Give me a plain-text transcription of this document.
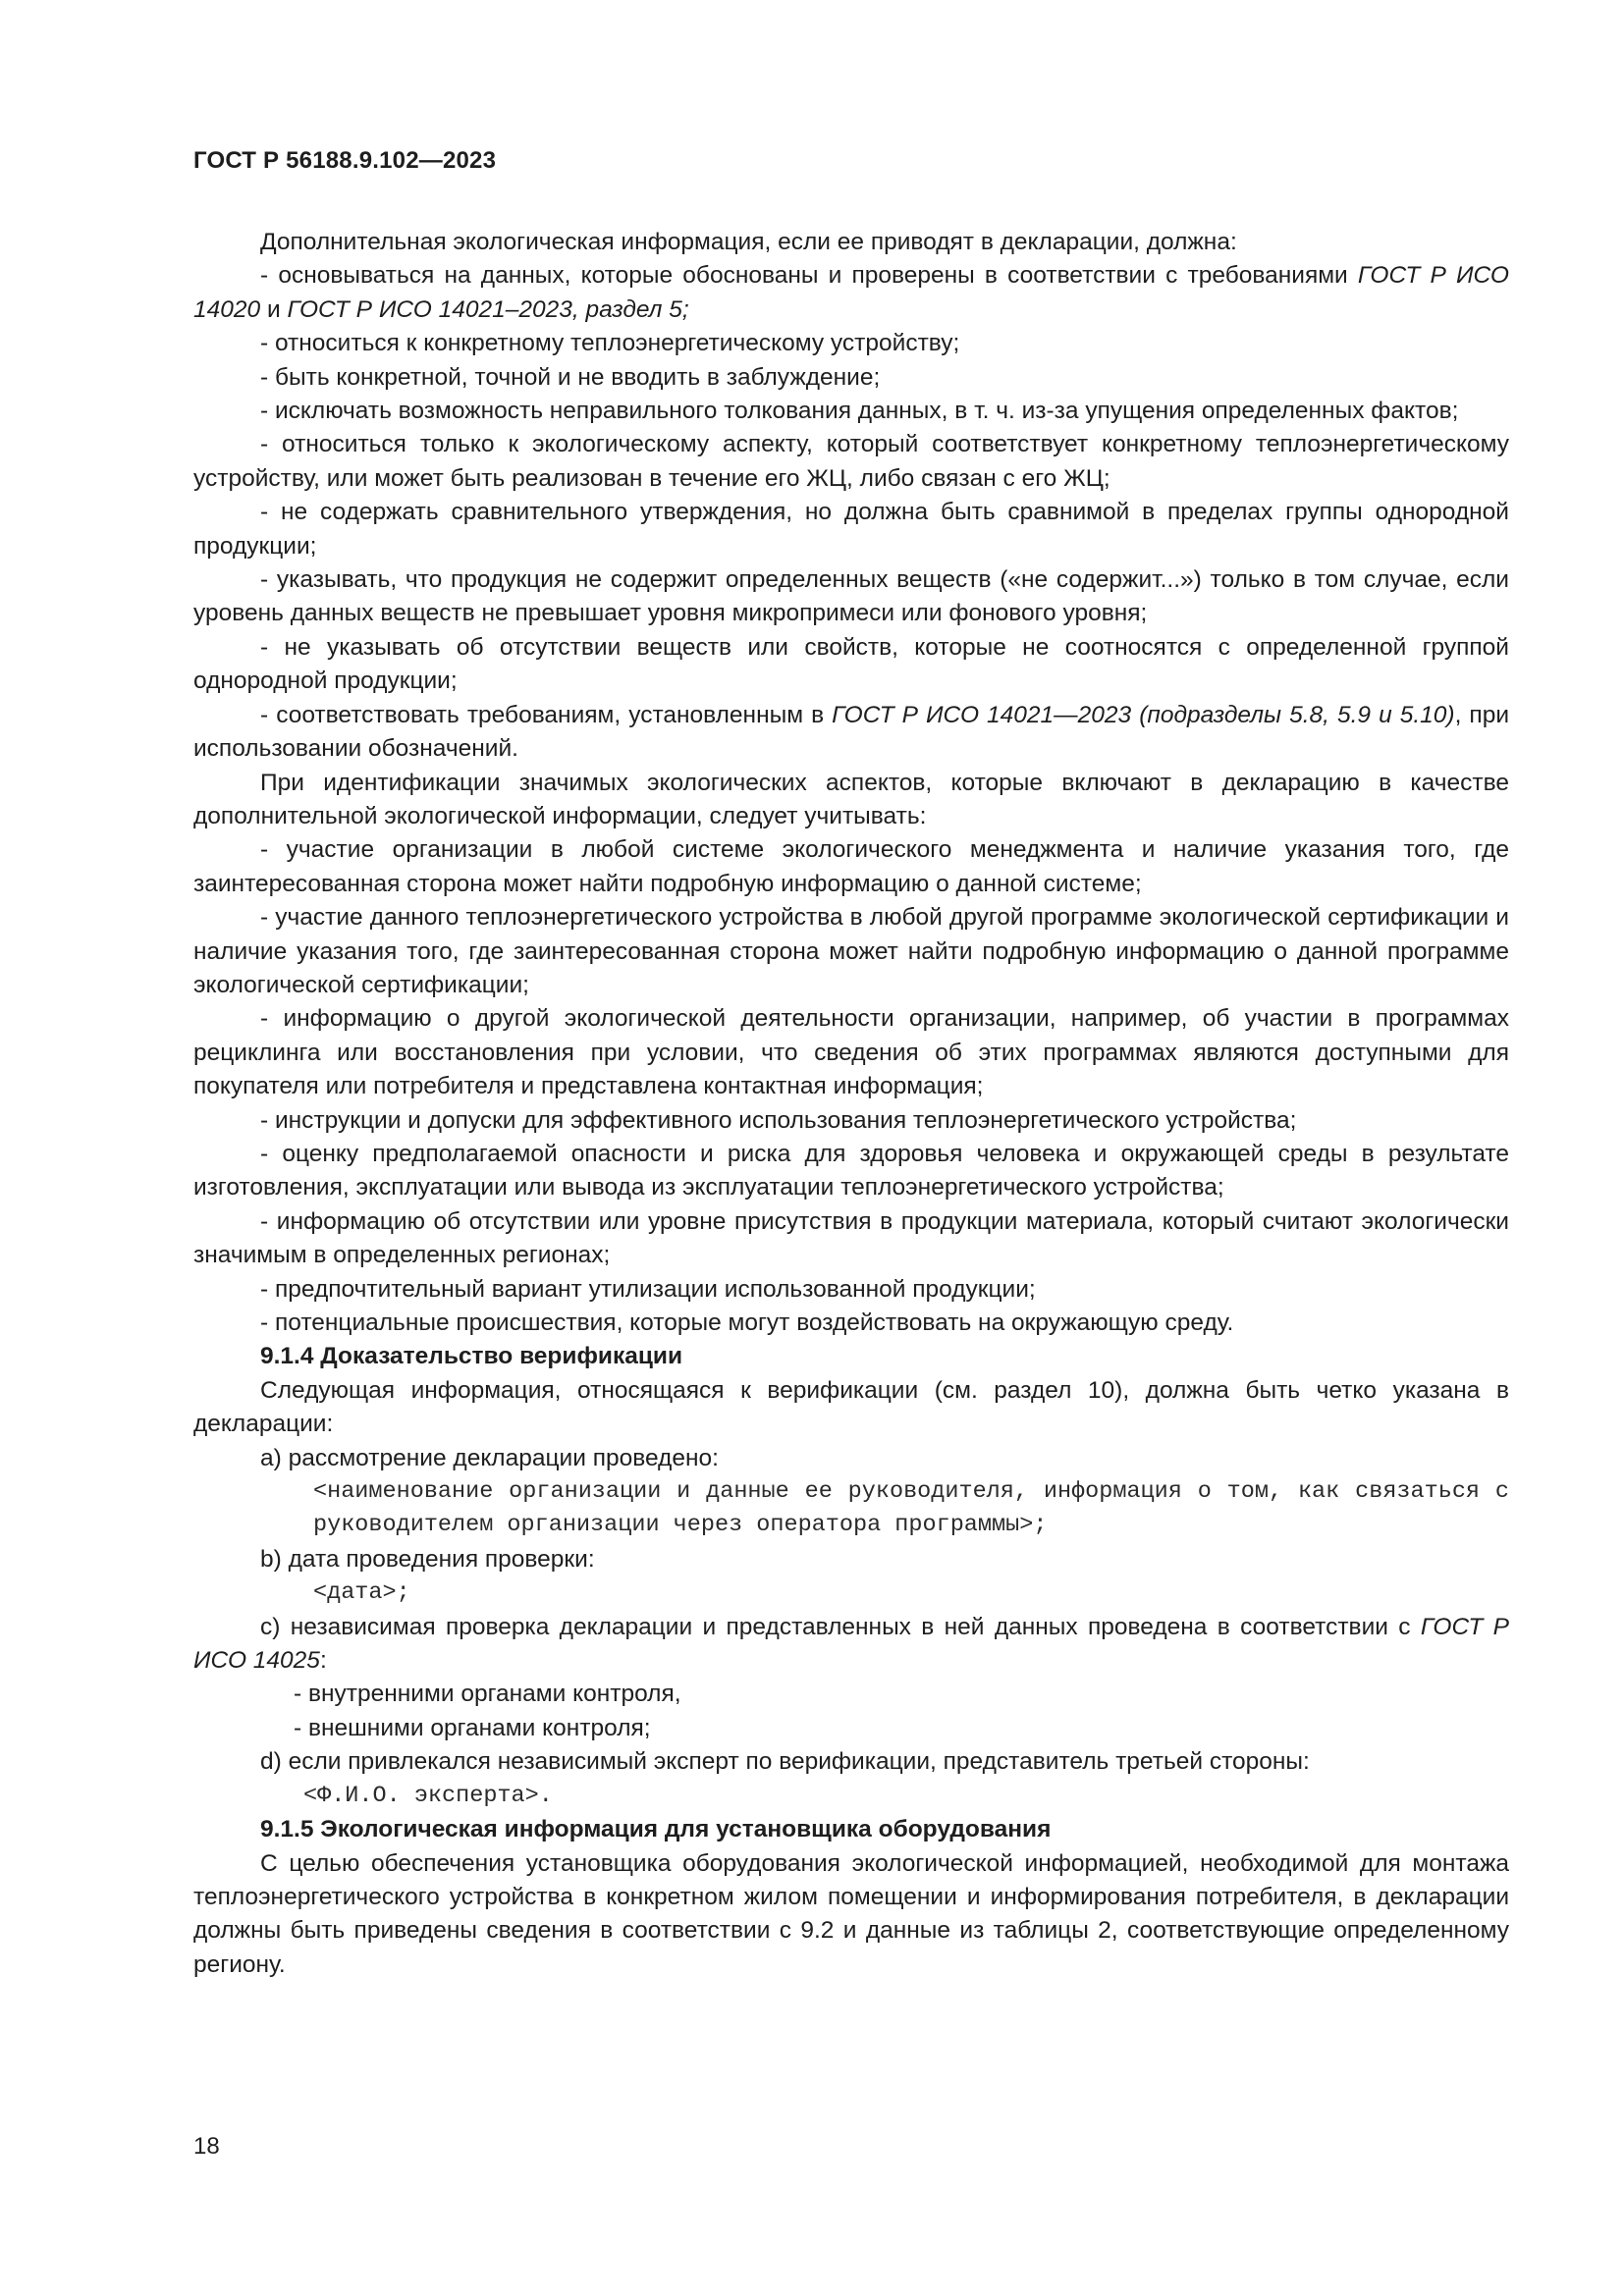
ГОСТ Р 56188.9.102—2023

Дополнительная экологическая информация, если ее приводят в декларации, должна:

- основываться на данных, которые обоснованы и проверены в соответствии с требованиями ГОСТ Р ИСО 14020 и ГОСТ Р ИСО 14021–2023, раздел 5;

- относиться к конкретному теплоэнергетическому устройству;

- быть конкретной, точной и не вводить в заблуждение;

- исключать возможность неправильного толкования данных, в т. ч. из-за упущения определенных фактов;

- относиться только к экологическому аспекту, который соответствует конкретному теплоэнергетическому устройству, или может быть реализован в течение его ЖЦ, либо связан с его ЖЦ;

- не содержать сравнительного утверждения, но должна быть сравнимой в пределах группы однородной продукции;

- указывать, что продукция не содержит определенных веществ («не содержит...») только в том случае, если уровень данных веществ не превышает уровня микропримеси или фонового уровня;

- не указывать об отсутствии веществ или свойств, которые не соотносятся с определенной группой однородной продукции;

- соответствовать требованиям, установленным в ГОСТ Р ИСО 14021—2023 (подразделы 5.8, 5.9 и 5.10), при использовании обозначений.

При идентификации значимых экологических аспектов, которые включают в декларацию в качестве дополнительной экологической информации, следует учитывать:

- участие организации в любой системе экологического менеджмента и наличие указания того, где заинтересованная сторона может найти подробную информацию о данной системе;

- участие данного теплоэнергетического устройства в любой другой программе экологической сертификации и наличие указания того, где заинтересованная сторона может найти подробную информацию о данной программе экологической сертификации;

- информацию о другой экологической деятельности организации, например, об участии в программах рециклинга или восстановления при условии, что сведения об этих программах являются доступными для покупателя или потребителя и представлена контактная информация;

- инструкции и допуски для эффективного использования теплоэнергетического устройства;

- оценку предполагаемой опасности и риска для здоровья человека и окружающей среды в результате изготовления, эксплуатации или вывода из эксплуатации теплоэнергетического устройства;

- информацию об отсутствии или уровне присутствия в продукции материала, который считают экологически значимым в определенных регионах;

- предпочтительный вариант утилизации использованной продукции;

- потенциальные происшествия, которые могут воздействовать на окружающую среду.

9.1.4 Доказательство верификации

Следующая информация, относящаяся к верификации (см. раздел 10), должна быть четко указана в декларации:

a) рассмотрение декларации проведено:

<наименование организации и данные ее руководителя, информация о том, как связаться с руководителем организации через оператора программы>;

b) дата проведения проверки:

<дата>;

c) независимая проверка декларации и представленных в ней данных проведена в соответствии с ГОСТ Р ИСО 14025:

- внутренними органами контроля,

- внешними органами контроля;

d) если привлекался независимый эксперт по верификации, представитель третьей стороны:

<Ф.И.О. эксперта>.

9.1.5 Экологическая информация для установщика оборудования

С целью обеспечения установщика оборудования экологической информацией, необходимой для монтажа теплоэнергетического устройства в конкретном жилом помещении и информирования потребителя, в декларации должны быть приведены сведения в соответствии с 9.2 и данные из таблицы 2, соответствующие определенному региону.

18
